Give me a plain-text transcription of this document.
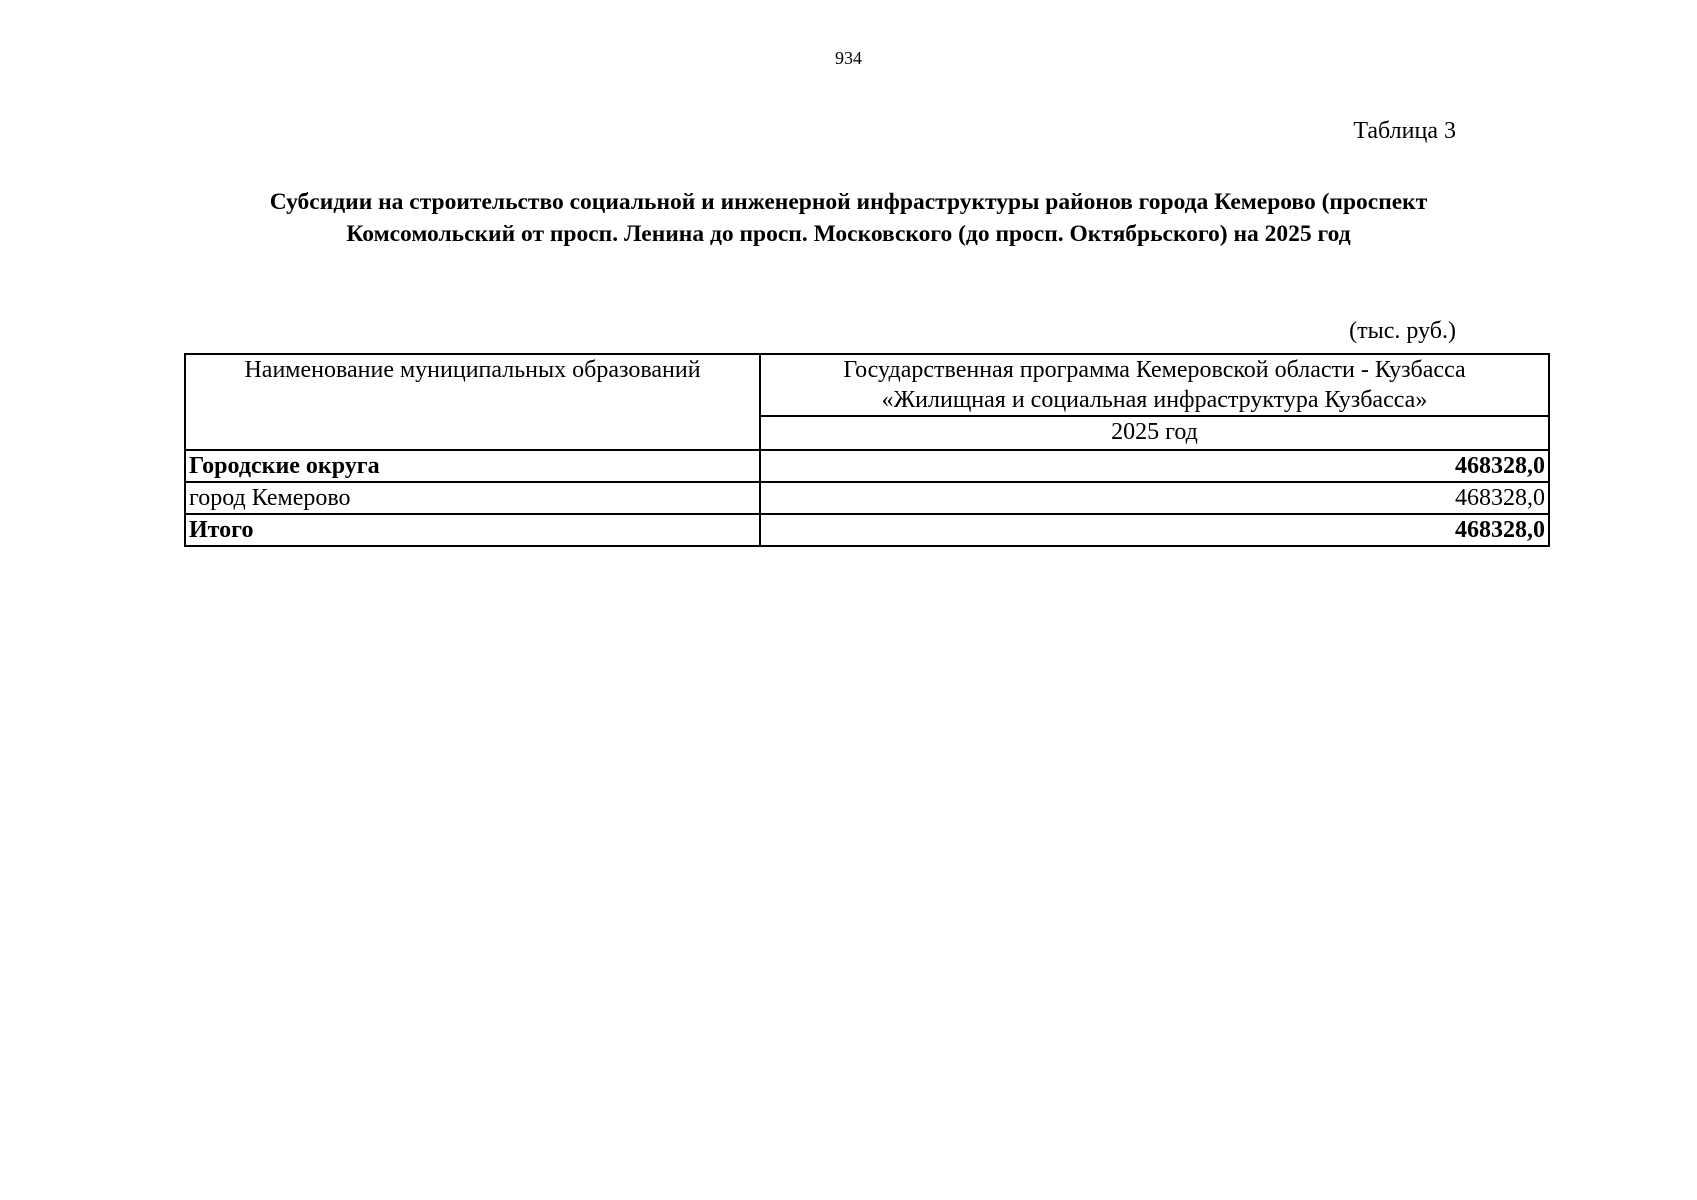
934
Таблица 3
Субсидии на строительство социальной и инженерной инфраструктуры районов города Кемерово (проспект
Комсомольский от просп. Ленина до просп. Московского (до просп. Октябрьского) на 2025 год
(тыс. руб.)
Наименование муниципальных образований	Государственная программа Кемеровской области - Кузбасса
«Жилищная и социальная инфраструктура Кузбасса»

	2025 год
Городские округа	468328,0
город Кемерово	468328,0
Итого	468328,0
